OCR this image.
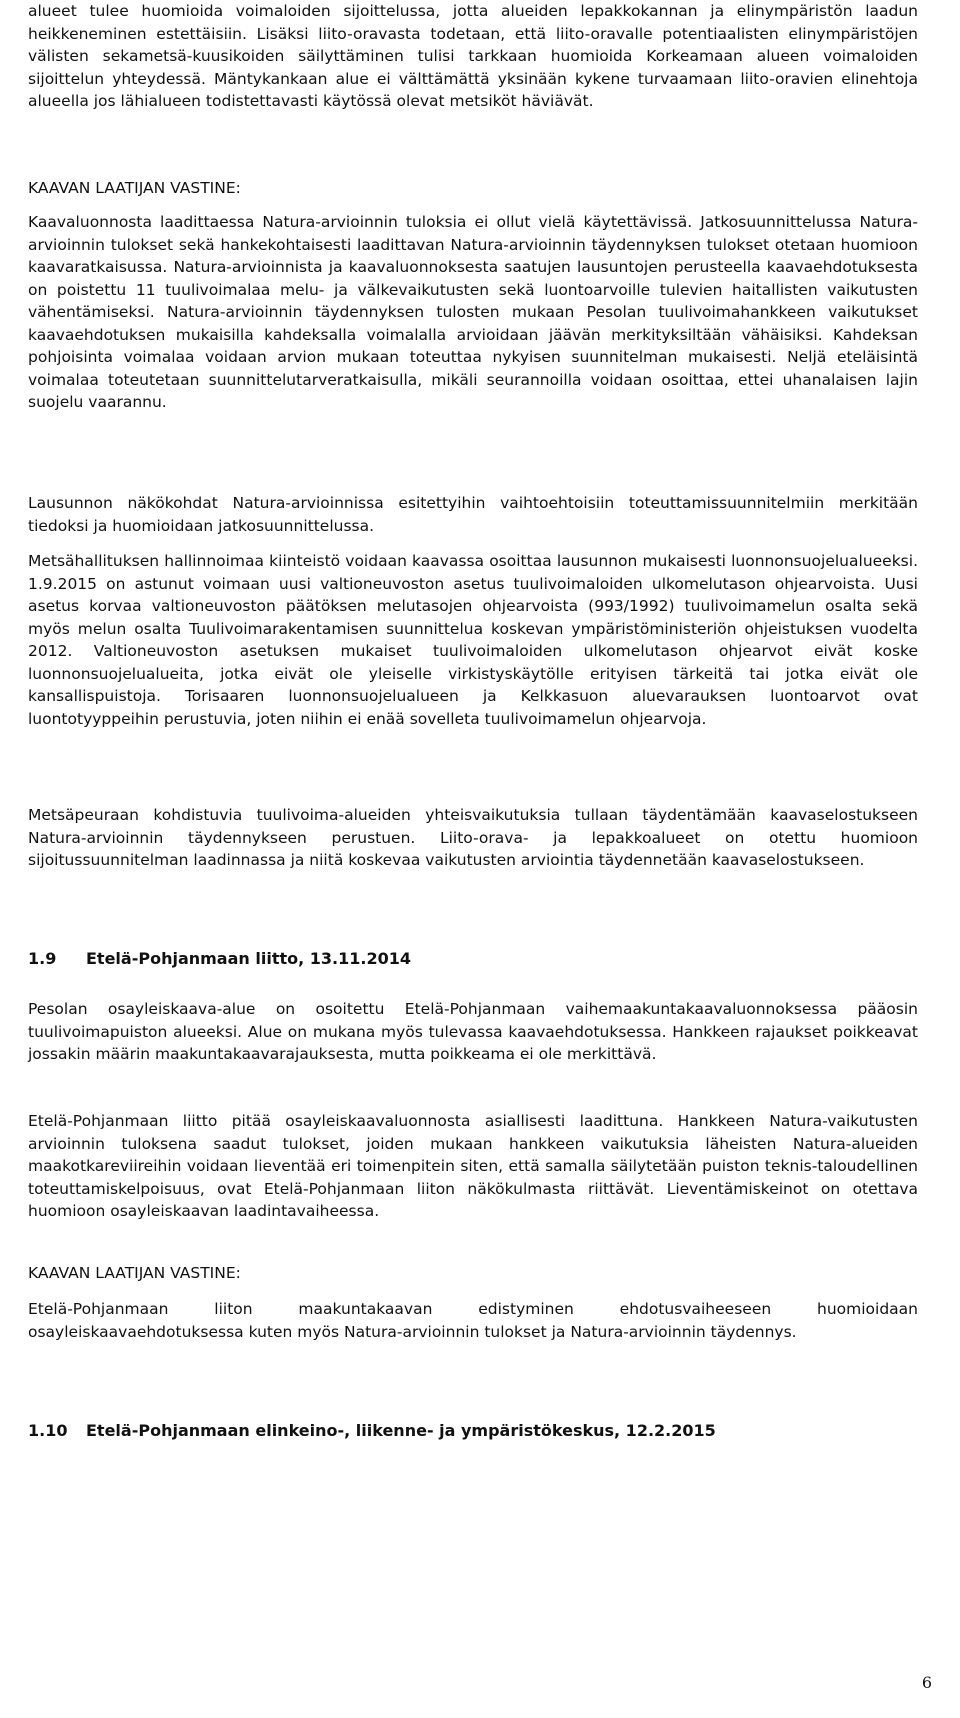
alueet tulee huomioida voimaloiden sijoittelussa, jotta alueiden lepakkokannan ja elinympäristön laadun heikkeneminen estettäisiin. Lisäksi liito-oravasta todetaan, että liito-oravalle potentiaalisten elinympäristöjen välisten sekametsä-kuusikoiden säilyttäminen tulisi tarkkaan huomioida Korkeamaan alueen voimaloiden sijoittelun yhteydessä. Mäntykankaan alue ei välttämättä yksinään kykene turvaamaan liito-oravien elinehtoja alueella jos lähialueen todistettavasti käytössä olevat metsiköt häviävät.

KAAVAN LAATIJAN VASTINE:

Kaavaluonnosta laadittaessa Natura-arvioinnin tuloksia ei ollut vielä käytettävissä. Jatkosuunnittelussa Natura-arvioinnin tulokset sekä hankekohtaisesti laadittavan Natura-arvioinnin täydennyksen tulokset otetaan huomioon kaavaratkaisussa. Natura-arvioinnista ja kaavaluonnoksesta saatujen lausuntojen perusteella kaavaehdotuksesta on poistettu 11 tuulivoimalaa melu- ja välkevaikutusten sekä luontoarvoille tulevien haitallisten vaikutusten vähentämiseksi. Natura-arvioinnin täydennyksen tulosten mukaan Pesolan tuulivoimahankkeen vaikutukset kaavaehdotuksen mukaisilla kahdeksalla voimalalla arvioidaan jäävän merkityksiltään vähäisiksi. Kahdeksan pohjoisinta voimalaa voidaan arvion mukaan toteuttaa nykyisen suunnitelman mukaisesti. Neljä eteläisintä voimalaa toteutetaan suunnittelutarveratkaisulla, mikäli seurannoilla voidaan osoittaa, ettei uhanalaisen lajin suojelu vaarannu.

Lausunnon näkökohdat Natura-arvioinnissa esitettyihin vaihtoehtoisiin toteuttamissuunnitelmiin merkitään tiedoksi ja huomioidaan jatkosuunnittelussa.

Metsähallituksen hallinnoimaa kiinteistö voidaan kaavassa osoittaa lausunnon mukaisesti luonnonsuojelualueeksi. 1.9.2015 on astunut voimaan uusi valtioneuvoston asetus tuulivoimaloiden ulkomelutason ohjearvoista. Uusi asetus korvaa valtioneuvoston päätöksen melutasojen ohjearvoista (993/1992) tuulivoimamelun osalta sekä myös melun osalta Tuulivoimarakentamisen suunnittelua koskevan ympäristöministeriön ohjeistuksen vuodelta 2012. Valtioneuvoston asetuksen mukaiset tuulivoimaloiden ulkomelutason ohjearvot eivät koske luonnonsuojelualueita, jotka eivät ole yleiselle virkistyskäytölle erityisen tärkeitä tai jotka eivät ole kansallispuistoja. Torisaaren luonnonsuojelualueen ja Kelkkasuon aluevarauksen luontoarvot ovat luontotyyppeihin perustuvia, joten niihin ei enää sovelleta tuulivoimamelun ohjearvoja.

Metsäpeuraan kohdistuvia tuulivoima-alueiden yhteisvaikutuksia tullaan täydentämään kaavaselostukseen Natura-arvioinnin täydennykseen perustuen. Liito-orava- ja lepakkoalueet on otettu huomioon sijoitussuunnitelman laadinnassa ja niitä koskevaa vaikutusten arviointia täydennetään kaavaselostukseen.

1.9 Etelä-Pohjanmaan liitto, 13.11.2014

Pesolan osayleiskaava-alue on osoitettu Etelä-Pohjanmaan vaihemaakuntakaavaluonnoksessa pääosin tuulivoimapuiston alueeksi. Alue on mukana myös tulevassa kaavaehdotuksessa. Hankkeen rajaukset poikkeavat jossakin määrin maakuntakaavarajauksesta, mutta poikkeama ei ole merkittävä.

Etelä-Pohjanmaan liitto pitää osayleiskaavaluonnosta asiallisesti laadittuna. Hankkeen Natura-vaikutusten arvioinnin tuloksena saadut tulokset, joiden mukaan hankkeen vaikutuksia läheisten Natura-alueiden maakotkareviireihin voidaan lieventää eri toimenpitein siten, että samalla säilytetään puiston teknis-taloudellinen toteuttamiskelpoisuus, ovat Etelä-Pohjanmaan liiton näkökulmasta riittävät. Lieventämiskeinot on otettava huomioon osayleiskaavan laadintavaiheessa.

KAAVAN LAATIJAN VASTINE:

Etelä-Pohjanmaan liiton maakuntakaavan edistyminen ehdotusvaiheeseen huomioidaan osayleiskaavaehdotuksessa kuten myös Natura-arvioinnin tulokset ja Natura-arvioinnin täydennys.

1.10 Etelä-Pohjanmaan elinkeino-, liikenne- ja ympäristökeskus, 12.2.2015
6
